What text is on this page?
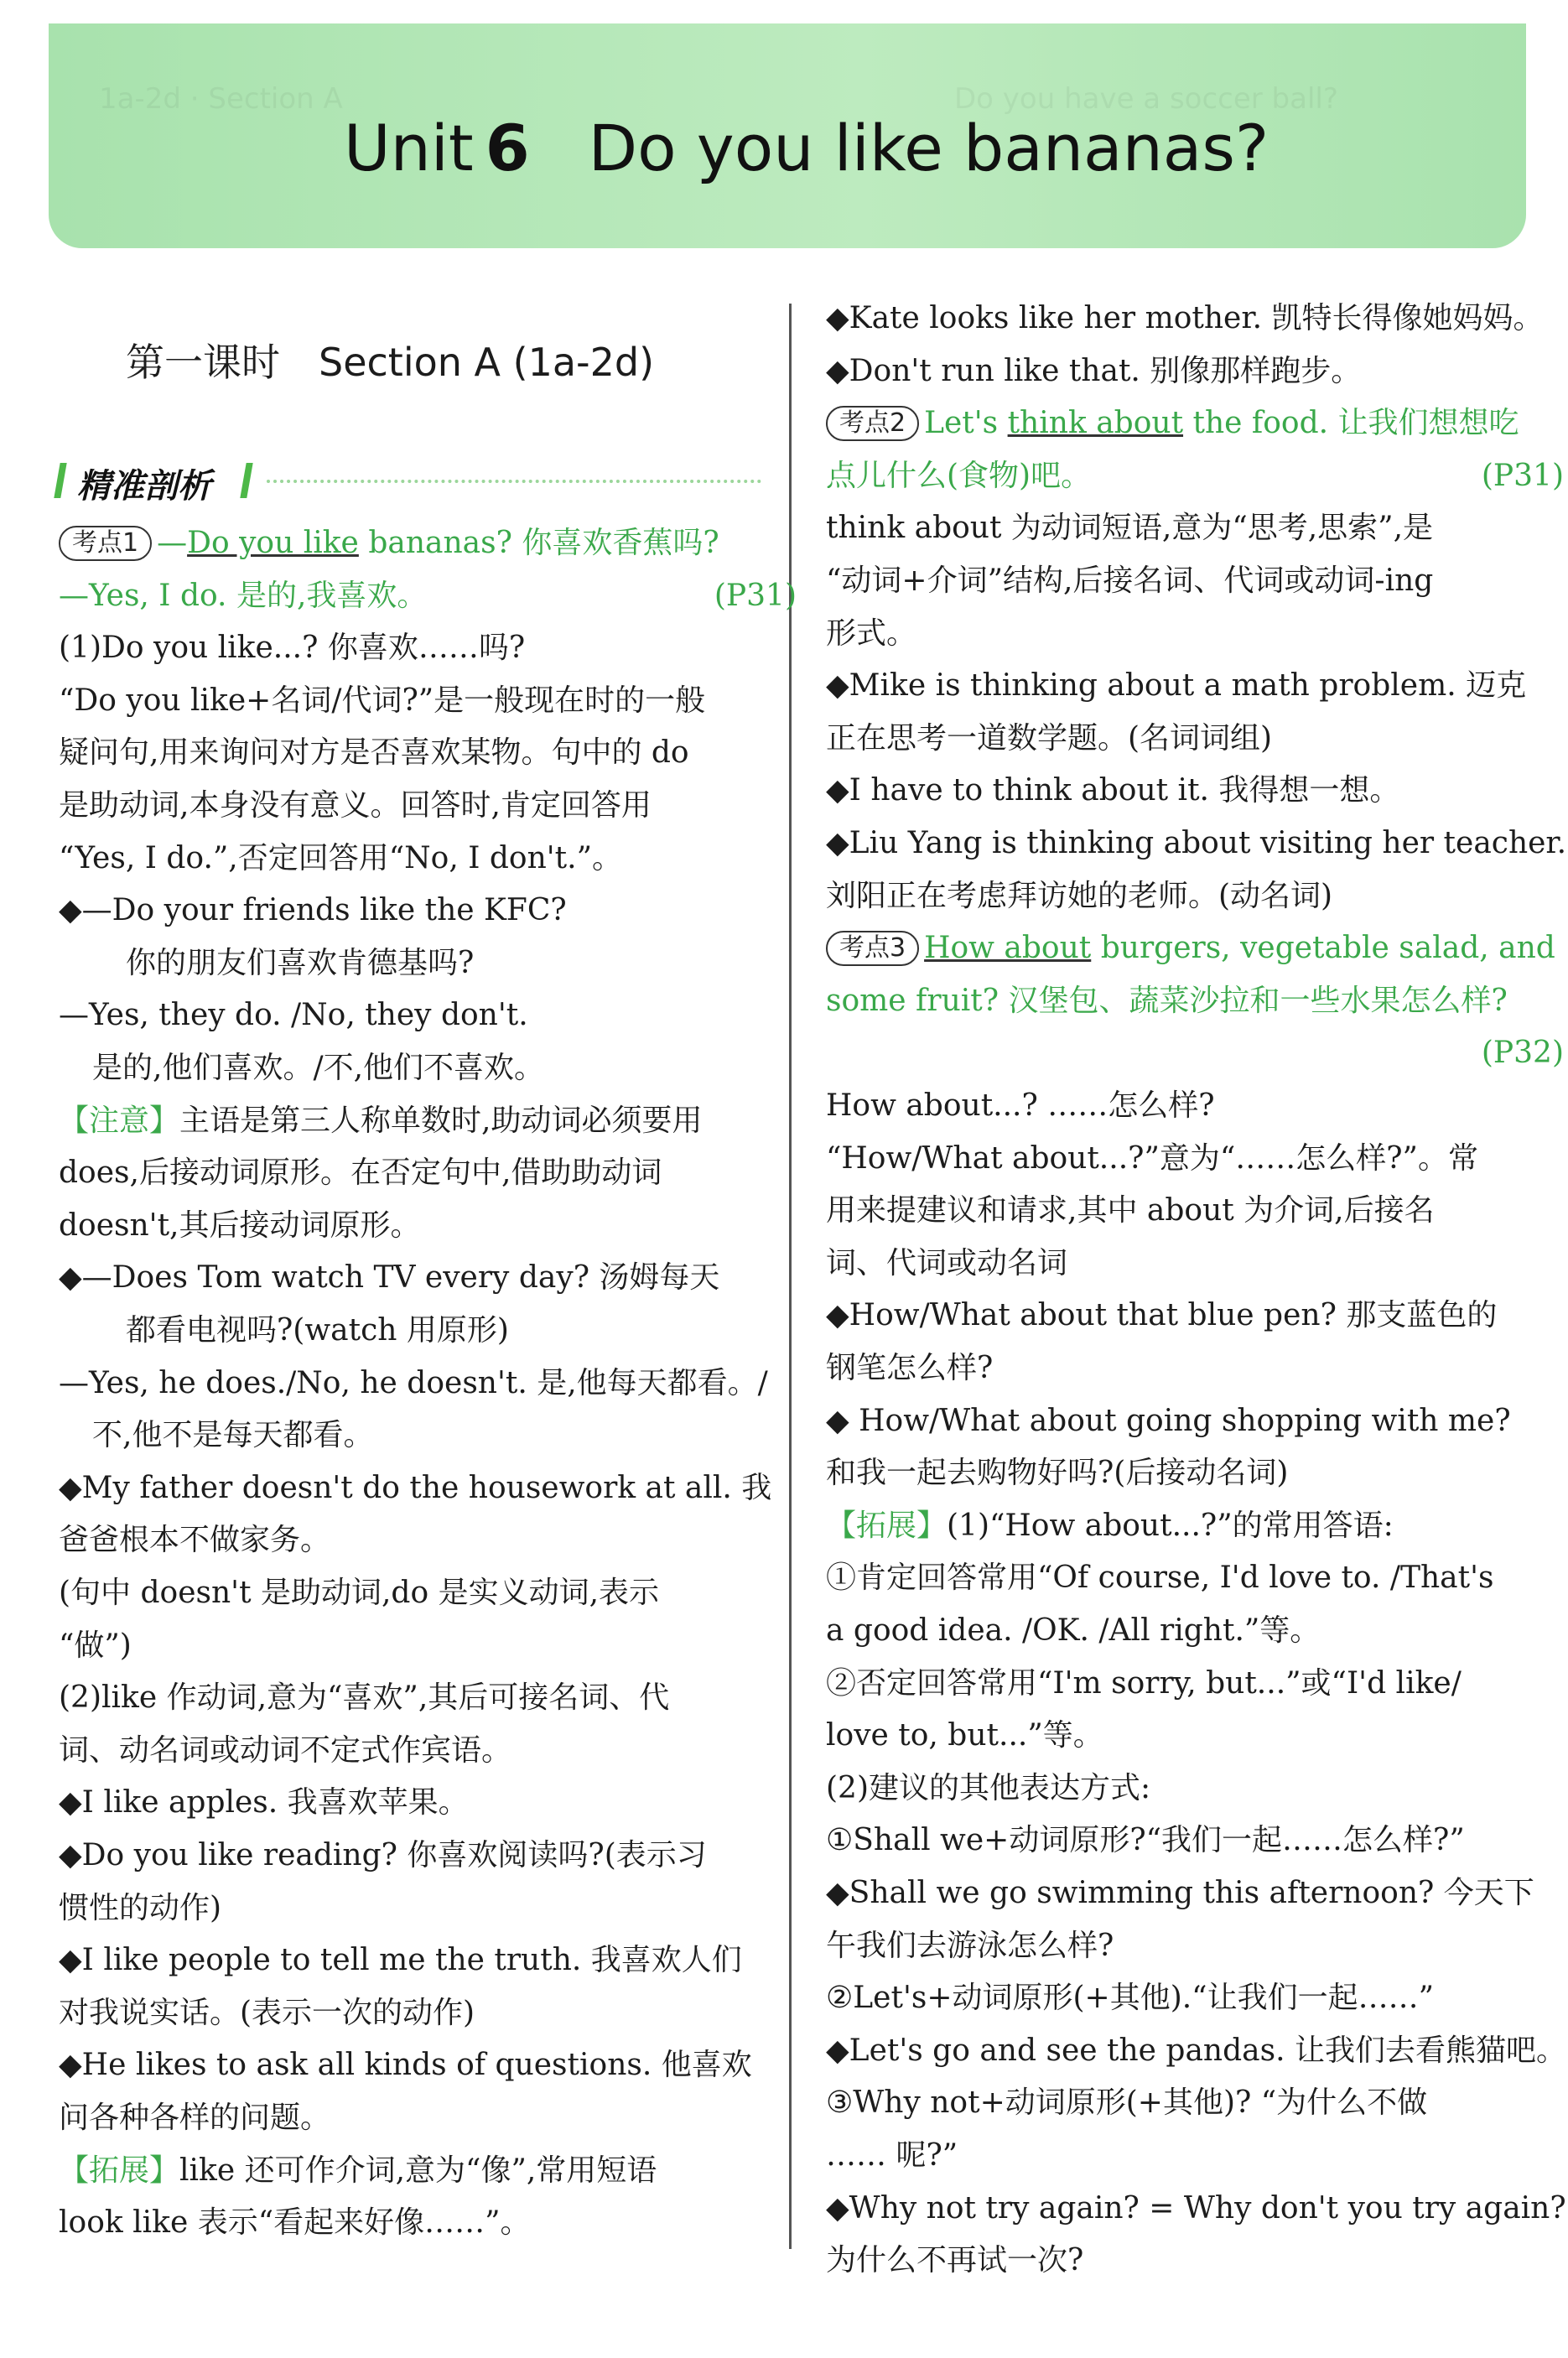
1a-2d · Section A	Do you have a soccer ball?
Unit 6 Do you like bananas?
第一课时 Section A (1a-2d)
精准剖析
考点1 —Do you like bananas? 你喜欢香蕉吗?
—Yes, I do. 是的,我喜欢。	(P31)
(1)Do you like...? 你喜欢……吗?
“Do you like+名词/代词?”是一般现在时的一般
疑问句,用来询问对方是否喜欢某物。句中的 do
是助动词,本身没有意义。回答时,肯定回答用
“Yes, I do.”,否定回答用“No, I don't.”。
◆—Do your friends like the KFC?
你的朋友们喜欢肯德基吗?
—Yes, they do. /No, they don't.
是的,他们喜欢。/不,他们不喜欢。
【注意】主语是第三人称单数时,助动词必须要用
does,后接动词原形。在否定句中,借助助动词
doesn't,其后接动词原形。
◆—Does Tom watch TV every day? 汤姆每天
都看电视吗?(watch 用原形)
—Yes, he does./No, he doesn't. 是,他每天都看。/
不,他不是每天都看。
◆My father doesn't do the housework at all. 我
爸爸根本不做家务。
(句中 doesn't 是助动词,do 是实义动词,表示
“做”)
(2)like 作动词,意为“喜欢”,其后可接名词、代
词、动名词或动词不定式作宾语。
◆I like apples. 我喜欢苹果。
◆Do you like reading? 你喜欢阅读吗?(表示习
惯性的动作)
◆I like people to tell me the truth. 我喜欢人们
对我说实话。(表示一次的动作)
◆He likes to ask all kinds of questions. 他喜欢
问各种各样的问题。
【拓展】like 还可作介词,意为“像”,常用短语
look like 表示“看起来好像……”。
◆Kate looks like her mother. 凯特长得像她妈妈。
◆Don't run like that. 别像那样跑步。
考点2 Let's think about the food. 让我们想想吃
点儿什么(食物)吧。	(P31)
think about 为动词短语,意为“思考,思索”,是
“动词+介词”结构,后接名词、代词或动词-ing
形式。
◆Mike is thinking about a math problem. 迈克
正在思考一道数学题。(名词词组)
◆I have to think about it. 我得想一想。
◆Liu Yang is thinking about visiting her teacher.
刘阳正在考虑拜访她的老师。(动名词)
考点3 How about burgers, vegetable salad, and
some fruit? 汉堡包、蔬菜沙拉和一些水果怎么样?
(P32)
How about...? ……怎么样?
“How/What about...?”意为“……怎么样?”。常
用来提建议和请求,其中 about 为介词,后接名
词、代词或动名词
◆How/What about that blue pen? 那支蓝色的
钢笔怎么样?
◆ How/What about going shopping with me?
和我一起去购物好吗?(后接动名词)
【拓展】(1)“How about...?”的常用答语:
①肯定回答常用“Of course, I'd love to. /That's
a good idea. /OK. /All right.”等。
②否定回答常用“I'm sorry, but...”或“I'd like/
love to, but...”等。
(2)建议的其他表达方式:
①Shall we+动词原形?“我们一起……怎么样?”
◆Shall we go swimming this afternoon? 今天下
午我们去游泳怎么样?
②Let's+动词原形(+其他).“让我们一起……”
◆Let's go and see the pandas. 让我们去看熊猫吧。
③Why not+动词原形(+其他)? “为什么不做
…… 呢?”
◆Why not try again? = Why don't you try again?
为什么不再试一次?
